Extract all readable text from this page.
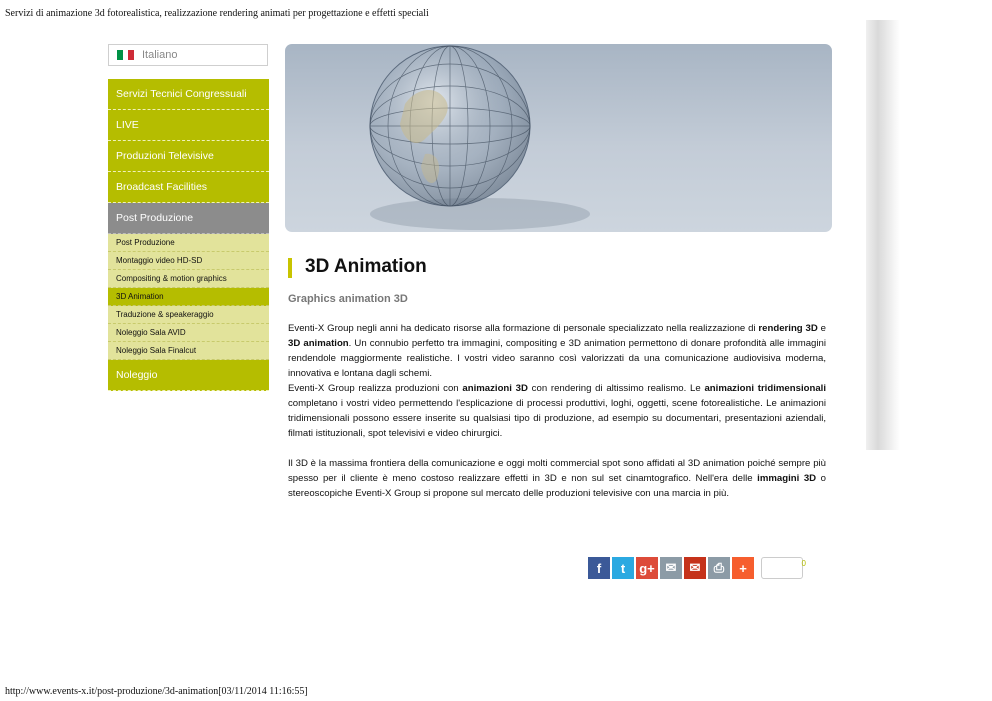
Servizi di animazione 3d fotorealistica, realizzazione rendering animati per progettazione e effetti speciali
Italiano
Servizi Tecnici Congressuali
LIVE
Produzioni Televisive
Broadcast Facilities
Post Produzione
Post Produzione
Montaggio video HD-SD
Compositing & motion graphics
3D Animation
Traduzione & speakeraggio
Noleggio Sala AVID
Noleggio Sala Finalcut
Noleggio
3D Animation
Graphics animation 3D

Eventi-X Group negli anni ha dedicato risorse alla formazione di personale specializzato nella realizzazione di rendering 3D e 3D animation. Un connubio perfetto tra immagini, compositing e 3D animation permettono di donare profondità alle immagini rendendole maggiormente realistiche. I vostri video saranno così valorizzati da una comunicazione audiovisiva moderna, innovativa e lontana dagli schemi.

Eventi-X Group realizza produzioni con animazioni 3D con rendering di altissimo realismo. Le animazioni tridimensionali completano i vostri video permettendo l'esplicazione di processi produttivi, loghi, oggetti, scene fotorealistiche. Le animazioni tridimensionali possono essere inserite su qualsiasi tipo di produzione, ad esempio su documentari, presentazioni aziendali, filmati istituzionali, spot televisivi e video chirurgici.

Il 3D è la massima frontiera della comunicazione e oggi molti commercial spot sono affidati al 3D animation poiché sempre più spesso per il cliente è meno costoso realizzare effetti in 3D e non sul set cinamtografico. Nell'era delle immagini 3D o stereoscopiche Eventi-X Group si propone sul mercato delle produzioni televisive con una marcia in più.

f	t	g+ ✉	✉	⎙	+	0
http://www.events-x.it/post-produzione/3d-animation[03/11/2014 11:16:55]
